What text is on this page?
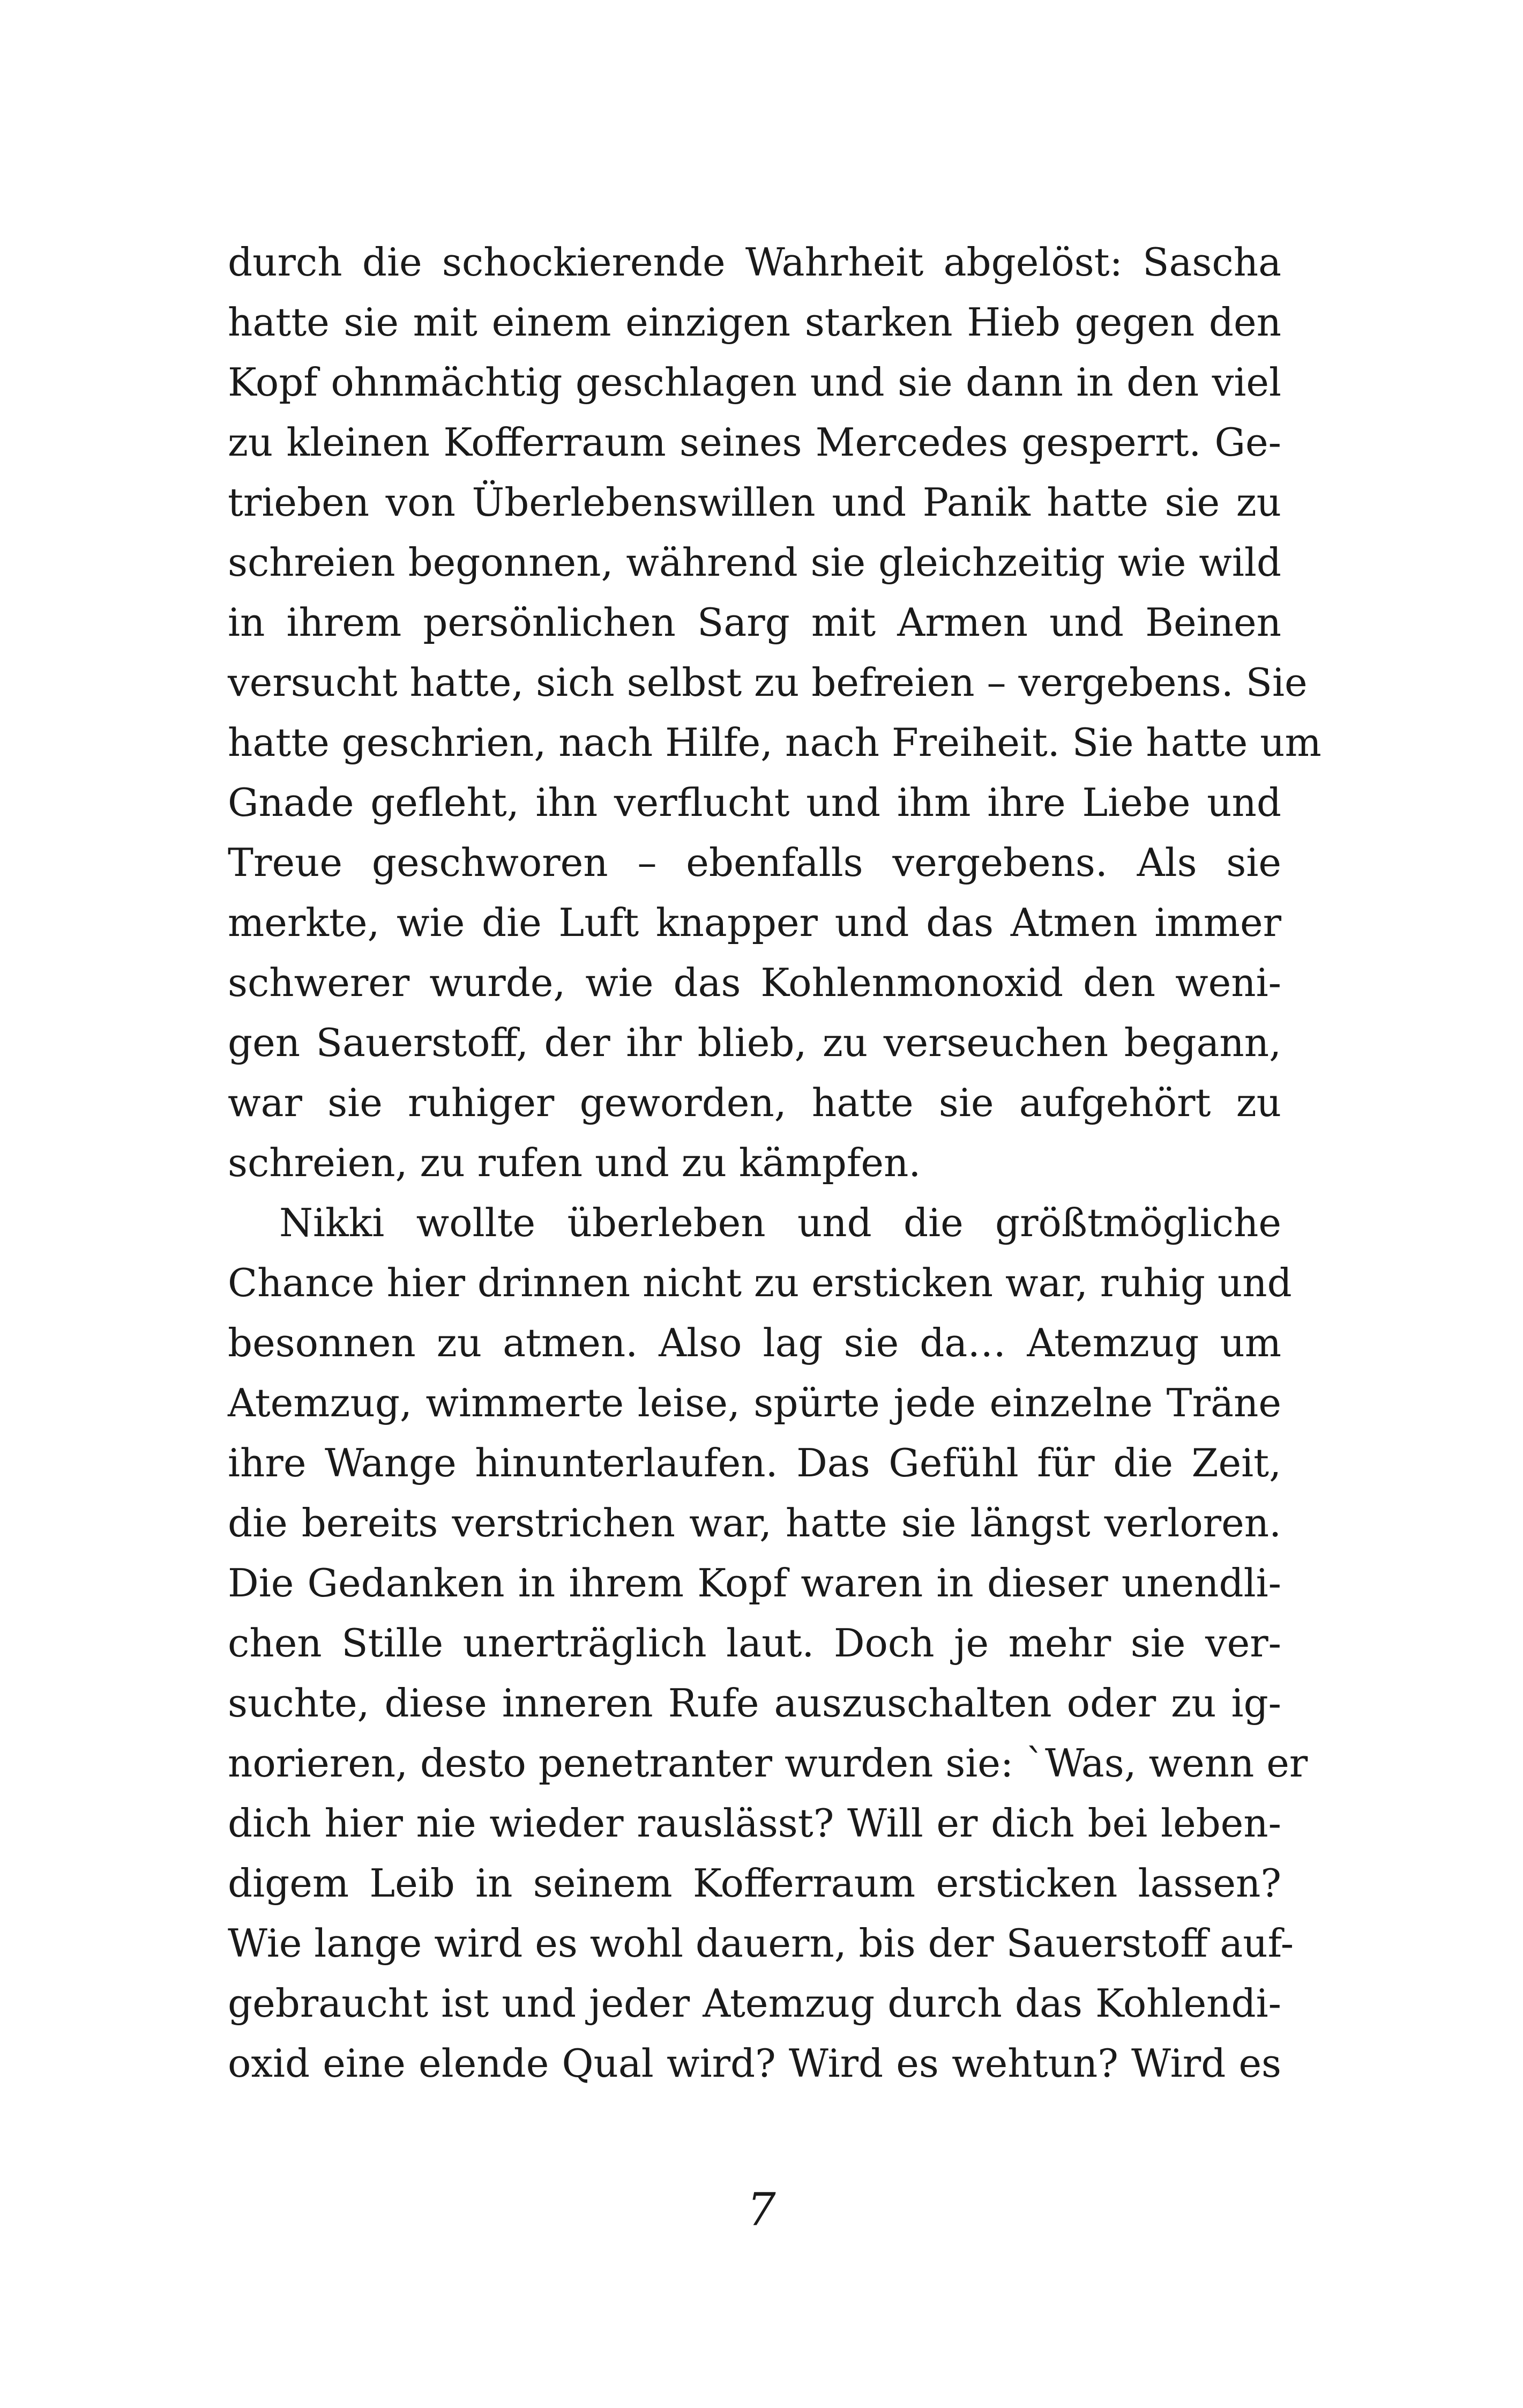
durch die schockierende Wahrheit abgelöst: Sascha
hatte sie mit einem einzigen starken Hieb gegen den
Kopf ohnmächtig geschlagen und sie dann in den viel
zu kleinen Kofferraum seines Mercedes gesperrt. Ge-
trieben von Überlebenswillen und Panik hatte sie zu
schreien begonnen, während sie gleichzeitig wie wild
in ihrem persönlichen Sarg mit Armen und Beinen
versucht hatte, sich selbst zu befreien – vergebens. Sie
hatte geschrien, nach Hilfe, nach Freiheit. Sie hatte um
Gnade gefleht, ihn verflucht und ihm ihre Liebe und
Treue geschworen – ebenfalls vergebens. Als sie
merkte, wie die Luft knapper und das Atmen immer
schwerer wurde, wie das Kohlenmonoxid den weni-
gen Sauerstoff, der ihr blieb, zu verseuchen begann,
war sie ruhiger geworden, hatte sie aufgehört zu
schreien, zu rufen und zu kämpfen.
Nikki wollte überleben und die größtmögliche
Chance hier drinnen nicht zu ersticken war, ruhig und
besonnen zu atmen. Also lag sie da… Atemzug um
Atemzug, wimmerte leise, spürte jede einzelne Träne
ihre Wange hinunterlaufen. Das Gefühl für die Zeit,
die bereits verstrichen war, hatte sie längst verloren.
Die Gedanken in ihrem Kopf waren in dieser unendli-
chen Stille unerträglich laut. Doch je mehr sie ver-
suchte, diese inneren Rufe auszuschalten oder zu ig-
norieren, desto penetranter wurden sie: `Was, wenn er
dich hier nie wieder rauslässt? Will er dich bei leben-
digem Leib in seinem Kofferraum ersticken lassen?
Wie lange wird es wohl dauern, bis der Sauerstoff auf-
gebraucht ist und jeder Atemzug durch das Kohlendi-
oxid eine elende Qual wird? Wird es wehtun? Wird es
7
